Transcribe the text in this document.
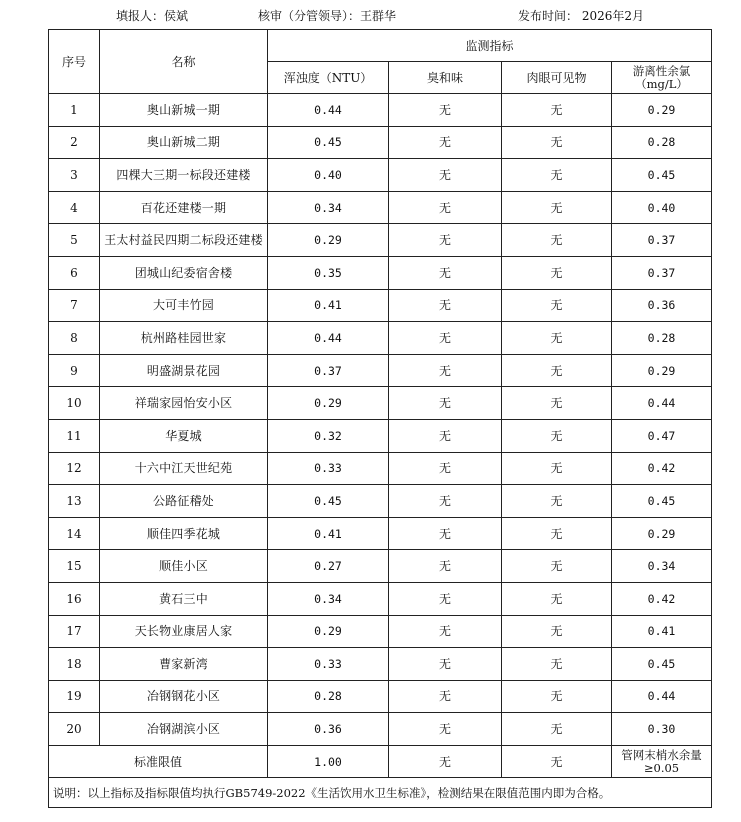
填报人：侯斌	核审（分管领导）：王群华	发布时间： 2026年2月
序号	名称	监测指标			
		浑浊度（NTU）	臭和味	肉眼可见物	游离性余氯（mg/L）
1	奥山新城一期	0.44	无	无	0.29
2	奥山新城二期	0.45	无	无	0.28
3	四棵大三期一标段还建楼	0.40	无	无	0.45
4	百花还建楼一期	0.34	无	无	0.40
5	王太村益民四期二标段还建楼	0.29	无	无	0.37
6	团城山纪委宿舍楼	0.35	无	无	0.37
7	大可丰竹园	0.41	无	无	0.36
8	杭州路桂园世家	0.44	无	无	0.28
9	明盛湖景花园	0.37	无	无	0.29
10	祥瑞家园怡安小区	0.29	无	无	0.44
11	华夏城	0.32	无	无	0.47
12	十六中江天世纪苑	0.33	无	无	0.42
13	公路征稽处	0.45	无	无	0.45
14	顺佳四季花城	0.41	无	无	0.29
15	顺佳小区	0.27	无	无	0.34
16	黄石三中	0.34	无	无	0.42
17	天长物业康居人家	0.29	无	无	0.41
18	曹家新湾	0.33	无	无	0.45
19	冶钢钢花小区	0.28	无	无	0.44
20	冶钢湖滨小区	0.36	无	无	0.30
标准限值		1.00	无	无	管网末梢水余量≥0.05
说明：以上指标及指标限值均执行GB5749-2022《生活饮用水卫生标准》，检测结果在限值范围内即为合格。					
